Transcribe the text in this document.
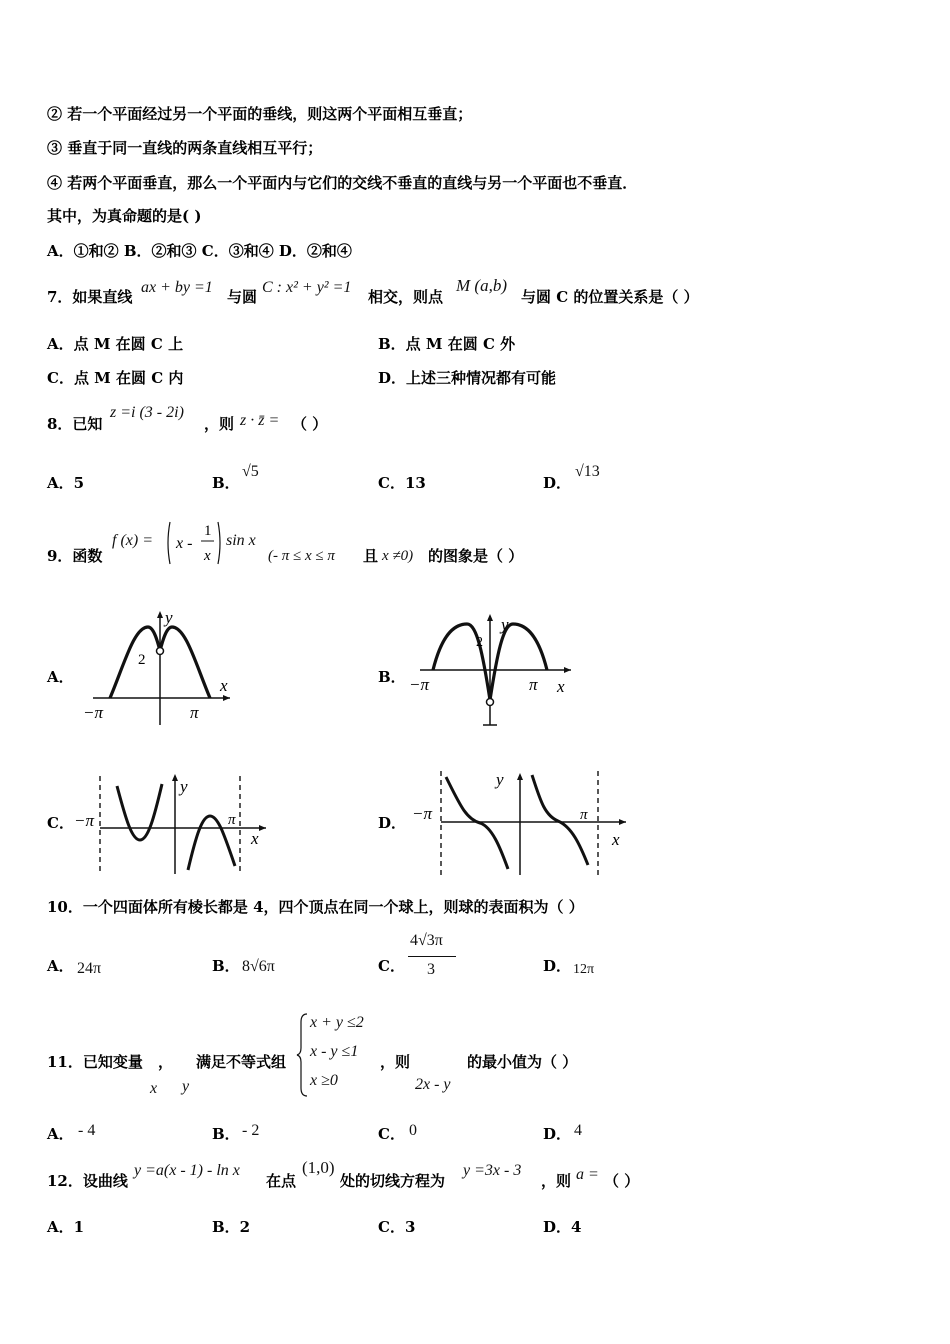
② 若一个平面经过另一个平面的垂线，则这两个平面相互垂直；
③ 垂直于同一直线的两条直线相互平行；
④ 若两个平面垂直，那么一个平面内与它们的交线不垂直的直线与另一个平面也不垂直．
其中，为真命题的是( )
A．①和② B．②和③ C．③和④ D．②和④
7．如果直线
ax + by =1
与圆
C : x² + y² =1
相交，则点
M (a,b)
与圆 C 的位置关系是（ ）
A．点 M 在圆 C 上	B．点 M 在圆 C 外
C．点 M 在圆 C 内	D．上述三种情况都有可能
8．已知
z =i (3 - 2i)
，则 z · z̄ = （ ）
A．5	B．
√5
C．13	D．
√13
9．函数
f (x) = x -
1
x
sin x
(- π ≤ x ≤ π 且 x ≠0) 的图象是（ ）
A．	B．
C．	D．
y
2
x
−π	π
y
2
−π	π x
−π
y
π
x
−π
y
π
x
10．一个四面体所有棱长都是 4，四个顶点在同一个球上，则球的表面积为（ ）
A． 24π	B． 8√6π	C．
4√3π
3	D． 12π
11．已知变量 ， 满足不等式组
x y
x + y ≤2
x - y ≤1
x ≥0
，则
2x - y
的最小值为（ ）
A． - 4	B． - 2	C． 0	D． 4
12．设曲线
y =a(x - 1) - ln x
在点
(1,0)
处的切线方程为
y =3x - 3
，则 a = （ ）
A．1	B．2	C．3	D．4
